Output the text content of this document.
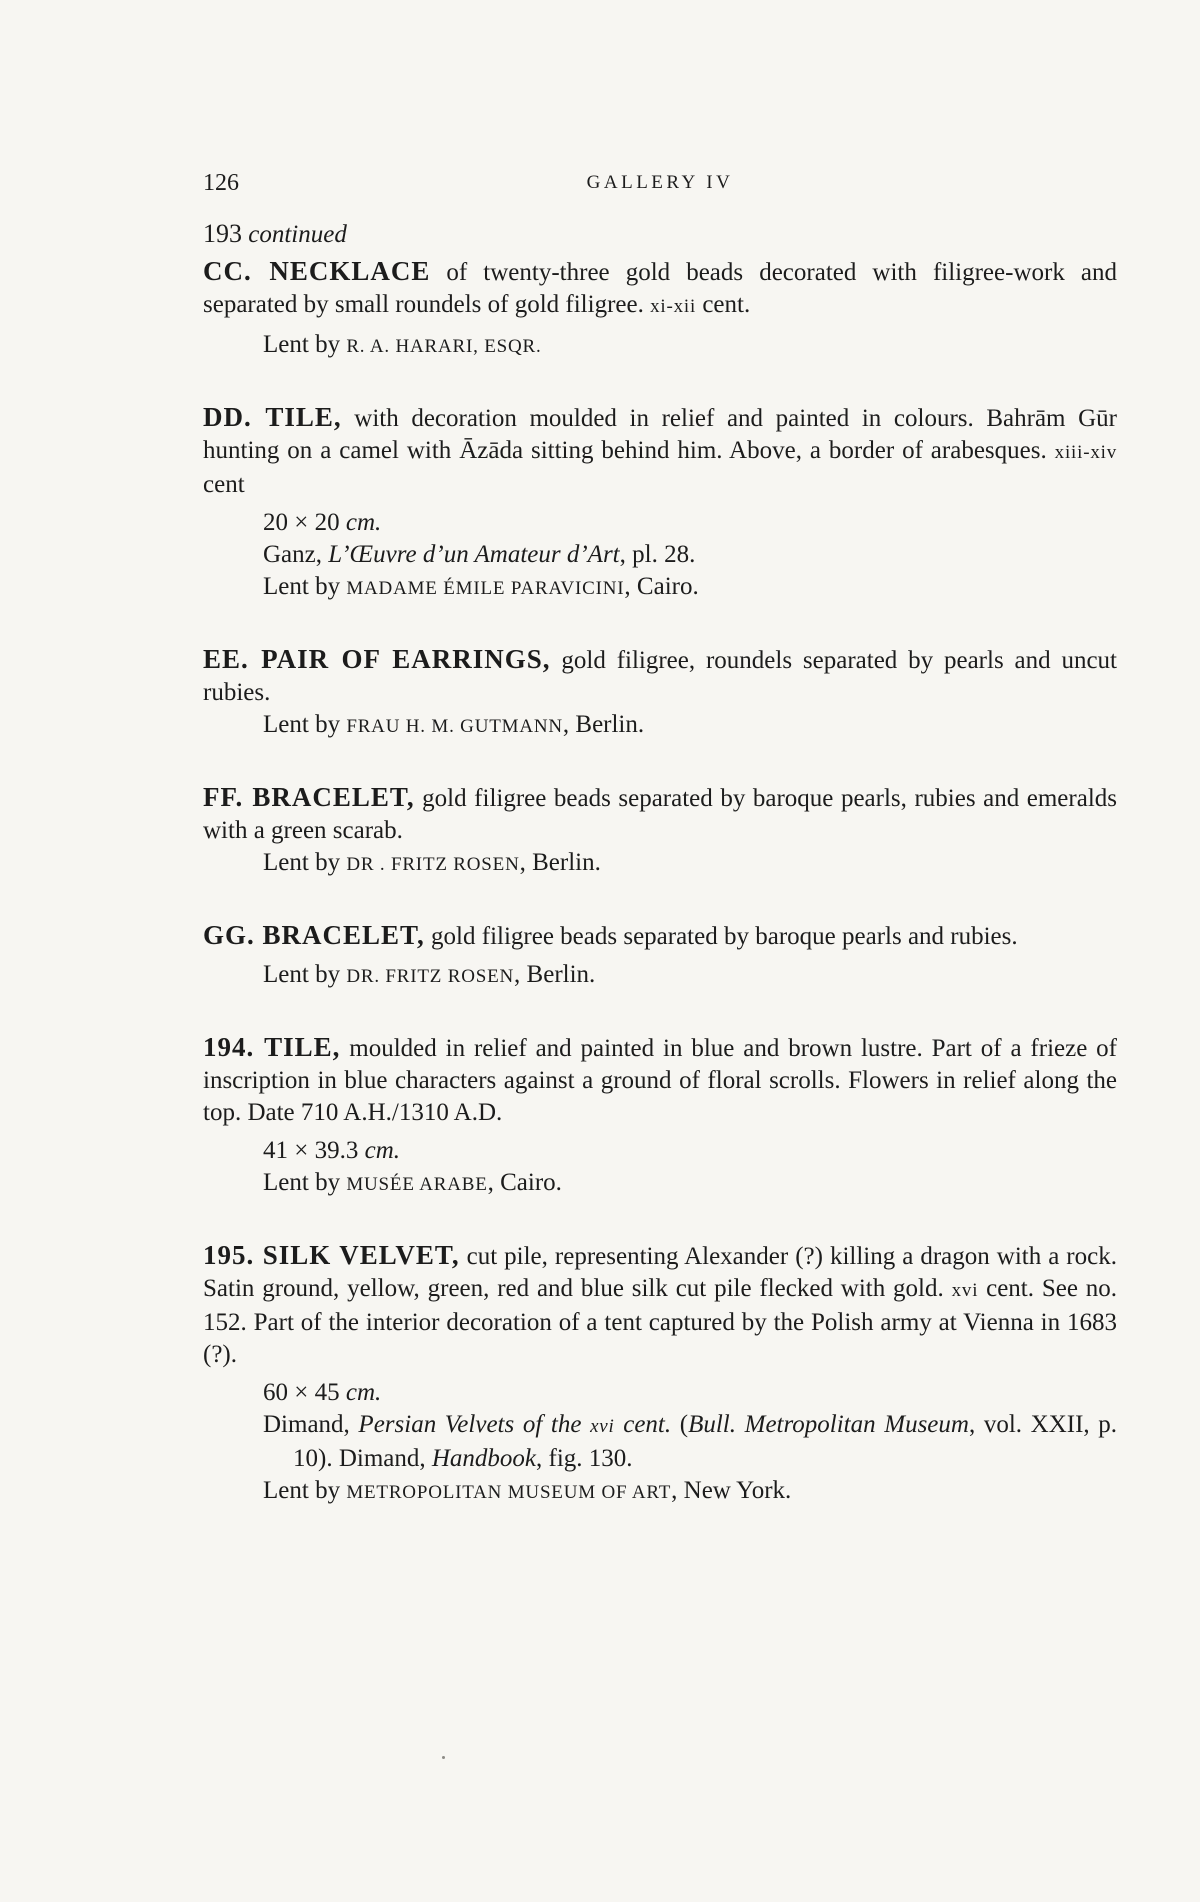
126	GALLERY IV

193 continued

CC. NECKLACE of twenty-three gold beads decorated with filigree-work and separated by small roundels of gold filigree. xi-xii cent.

Lent by R. A. HARARI, ESQR.

DD. TILE, with decoration moulded in relief and painted in colours. Bahrām Gūr hunting on a camel with Āzāda sitting behind him. Above, a border of arabesques. xiii-xiv cent

20 × 20 cm.

Ganz, L’Œuvre d’un Amateur d’Art, pl. 28.

Lent by MADAME ÉMILE PARAVICINI, Cairo.

EE. PAIR OF EARRINGS, gold filigree, roundels separated by pearls and uncut rubies.

Lent by FRAU H. M. GUTMANN, Berlin.

FF. BRACELET, gold filigree beads separated by baroque pearls, rubies and emeralds with a green scarab.

Lent by DR . FRITZ ROSEN, Berlin.

GG. BRACELET, gold filigree beads separated by baroque pearls and rubies.

Lent by DR. FRITZ ROSEN, Berlin.

194. TILE, moulded in relief and painted in blue and brown lustre. Part of a frieze of inscription in blue characters against a ground of floral scrolls. Flowers in relief along the top. Date 710 A.H./1310 A.D.

41 × 39.3 cm.

Lent by MUSÉE ARABE, Cairo.

195. SILK VELVET, cut pile, representing Alexander (?) killing a dragon with a rock. Satin ground, yellow, green, red and blue silk cut pile flecked with gold. xvi cent. See no. 152. Part of the interior decoration of a tent captured by the Polish army at Vienna in 1683 (?).

60 × 45 cm.

Dimand, Persian Velvets of the xvi cent. (Bull. Metropolitan Museum, vol. XXII, p. 10). Dimand, Handbook, fig. 130.

Lent by METROPOLITAN MUSEUM OF ART, New York.
